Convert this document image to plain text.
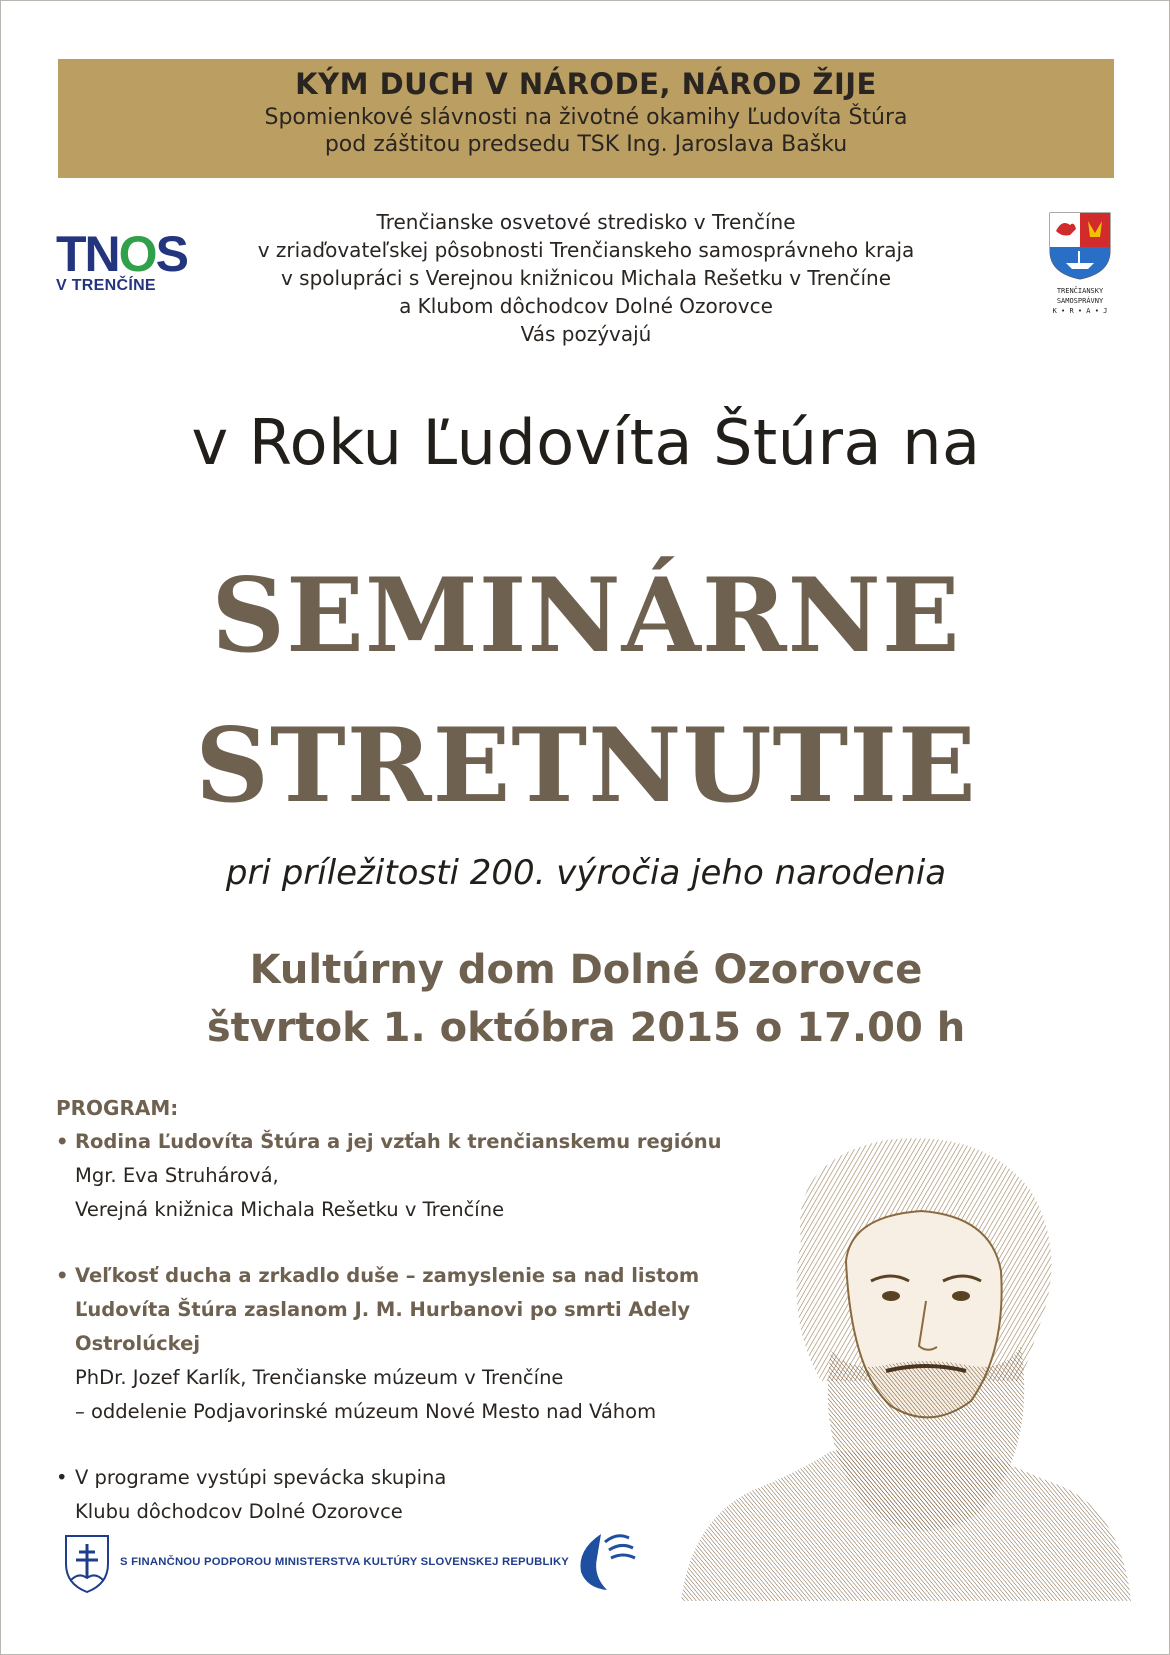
KÝM DUCH V NÁRODE, NÁROD ŽIJE
Spomienkové slávnosti na životné okamihy Ľudovíta Štúra
pod záštitou predsedu TSK Ing. Jaroslava Bašku
TNOS
V TRENČÍNE	TRENČIANSKY
SAMOSPRÁVNY
K • R • A • J
Trenčianske osvetové stredisko v Trenčíne
v zriaďovateľskej pôsobnosti Trenčianskeho samosprávneho kraja
v spolupráci s Verejnou knižnicou Michala Rešetku v Trenčíne
a Klubom dôchodcov Dolné Ozorovce
Vás pozývajú
v Roku Ľudovíta Štúra na
SEMINÁRNE
STRETNUTIE
pri príležitosti 200. výročia jeho narodenia
Kultúrny dom Dolné Ozorovce
štvrtok 1. októbra 2015 o 17.00 h
PROGRAM:
• Rodina Ľudovíta Štúra a jej vzťah k trenčianskemu regiónu
Mgr. Eva Struhárová,
Verejná knižnica Michala Rešetku v Trenčíne
• Veľkosť ducha a zrkadlo duše – zamyslenie sa nad listom
Ľudovíta Štúra zaslanom J. M. Hurbanovi po smrti Adely Ostrolúckej
PhDr. Jozef Karlík, Trenčianske múzeum v Trenčíne
– oddelenie Podjavorinské múzeum Nové Mesto nad Váhom
• V programe vystúpi spevácka skupina
Klubu dôchodcov Dolné Ozorovce
S FINANČNOU PODPOROU MINISTERSTVA KULTÚRY SLOVENSKEJ REPUBLIKY
